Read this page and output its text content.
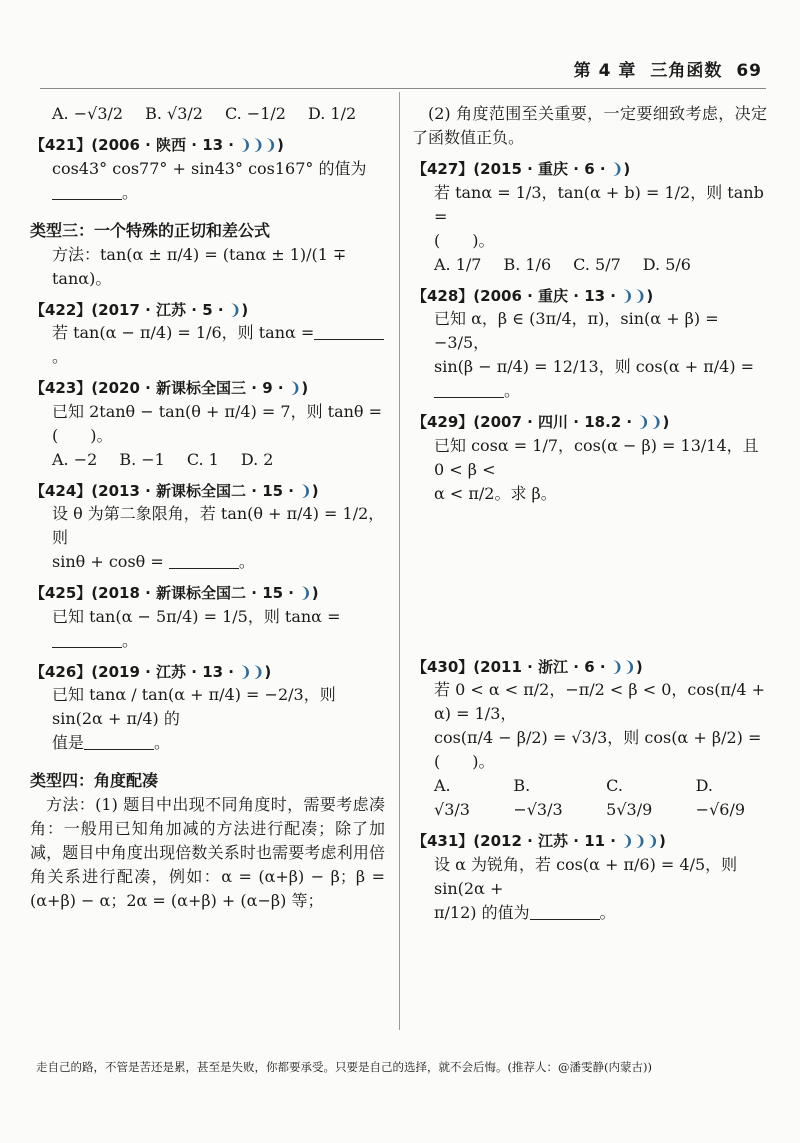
第 4 章 三角函数 69
A. −√3/2 B. √3/2 C. −1/2 D. 1/2
【421】(2006 · 陕西 · 13 · ❩❩❩)
cos43° cos77° + sin43° cos167° 的值为
。
类型三：一个特殊的正切和差公式
方法：tan(α ± π/4) = (tanα ± 1)/(1 ∓ tanα)。
【422】(2017 · 江苏 · 5 · ❩)
若 tan(α − π/4) = 1/6，则 tanα =。
【423】(2020 · 新课标全国三 · 9 · ❩)
已知 2tanθ − tan(θ + π/4) = 7，则 tanθ =
(　　)。
A. −2 B. −1 C. 1 D. 2
【424】(2013 · 新课标全国二 · 15 · ❩)
设 θ 为第二象限角，若 tan(θ + π/4) = 1/2，则
sinθ + cosθ =	。
【425】(2018 · 新课标全国二 · 15 · ❩)
已知 tan(α − 5π/4) = 1/5，则 tanα =。
【426】(2019 · 江苏 · 13 · ❩❩)
已知 tanα / tan(α + π/4) = −2/3，则 sin(2α + π/4) 的
值是	。
类型四：角度配凑
方法：(1) 题目中出现不同角度时，需要考虑凑角：一般用已知角加减的方法进行配凑；除了加减，题目中角度出现倍数关系时也需要考虑利用倍角关系进行配凑，例如：α = (α+β) − β；β = (α+β) − α；2α = (α+β) + (α−β) 等；
(2) 角度范围至关重要，一定要细致考虑，决定了函数值正负。
【427】(2015 · 重庆 · 6 · ❩)
若 tanα = 1/3，tan(α + b) = 1/2，则 tanb =
(　　)。
A. 1/7 B. 1/6 C. 5/7 D. 5/6
【428】(2006 · 重庆 · 13 · ❩❩)
已知 α，β ∈ (3π/4，π)，sin(α + β) = −3/5，
sin(β − π/4) = 12/13，则 cos(α + π/4) =。
【429】(2007 · 四川 · 18.2 · ❩❩)
已知 cosα = 1/7，cos(α − β) = 13/14，且 0 < β <
α < π/2。求 β。
【430】(2011 · 浙江 · 6 · ❩❩)
若 0 < α < π/2，−π/2 < β < 0，cos(π/4 + α) = 1/3，
cos(π/4 − β/2) = √3/3，则 cos(α + β/2) = (　　)。
A. √3/3
B. −√3/3
C. 5√3/9
D. −√6/9
【431】(2012 · 江苏 · 11 · ❩❩❩)
设 α 为锐角，若 cos(α + π/6) = 4/5，则 sin(2α +
π/12) 的值为	。
走自己的路，不管是苦还是累，甚至是失败，你都要承受。只要是自己的选择，就不会后悔。(推荐人：@潘雯静(内蒙古))
